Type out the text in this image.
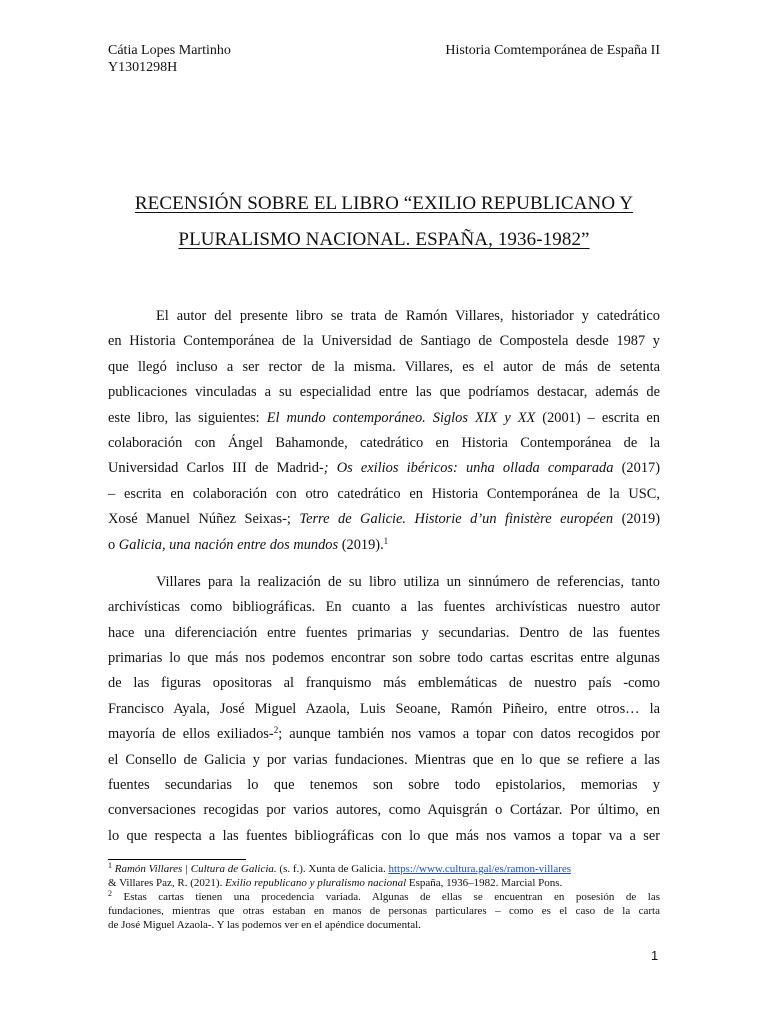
Cátia Lopes Martinho
Y1301298H
Historia Comtemporánea de España II
RECENSIÓN SOBRE EL LIBRO “EXILIO REPUBLICANO Y
PLURALISMO NACIONAL. ESPAÑA, 1936-1982”
El autor del presente libro se trata de Ramón Villares, historiador y catedrático
en Historia Contemporánea de la Universidad de Santiago de Compostela desde 1987 y
que llegó incluso a ser rector de la misma. Villares, es el autor de más de setenta
publicaciones vinculadas a su especialidad entre las que podríamos destacar, además de
este libro, las siguientes: El mundo contemporáneo. Siglos XIX y XX (2001) – escrita en
colaboración con Ángel Bahamonde, catedrático en Historia Contemporánea de la
Universidad Carlos III de Madrid-; Os exilios ibéricos: unha ollada comparada (2017)
– escrita en colaboración con otro catedrático en Historia Contemporánea de la USC,
Xosé Manuel Núñez Seixas-; Terre de Galicie. Historie d’un finistère européen (2019)
o Galicia, una nación entre dos mundos (2019).$^1$
Villares para la realización de su libro utiliza un sinnúmero de referencias, tanto
archivísticas como bibliográficas. En cuanto a las fuentes archivísticas nuestro autor
hace una diferenciación entre fuentes primarias y secundarias. Dentro de las fuentes
primarias lo que más nos podemos encontrar son sobre todo cartas escritas entre algunas
de las figuras opositoras al franquismo más emblemáticas de nuestro país -como
Francisco Ayala, José Miguel Azaola, Luis Seoane, Ramón Piñeiro, entre otros… la
mayoría de ellos exiliados-$^2$; aunque también nos vamos a topar con datos recogidos por
el Consello de Galicia y por varias fundaciones. Mientras que en lo que se refiere a las
fuentes secundarias lo que tenemos son sobre todo epistolarios, memorias y
conversaciones recogidas por varios autores, como Aquisgrán o Cortázar. Por último, en
lo que respecta a las fuentes bibliográficas con lo que más nos vamos a topar va a ser
$^1$ Ramón Villares | Cultura de Galicia. (s. f.). Xunta de Galicia. https://www.cultura.gal/es/ramon-villares
& Villares Paz, R. (2021). Exilio republicano y pluralismo nacional España, 1936–1982. Marcial Pons.
$^2$ Estas cartas tienen una procedencia variada. Algunas de ellas se encuentran en posesión de las
fundaciones, mientras que otras estaban en manos de personas particulares – como es el caso de la carta
de José Miguel Azaola-. Y las podemos ver en el apéndice documental.
1
